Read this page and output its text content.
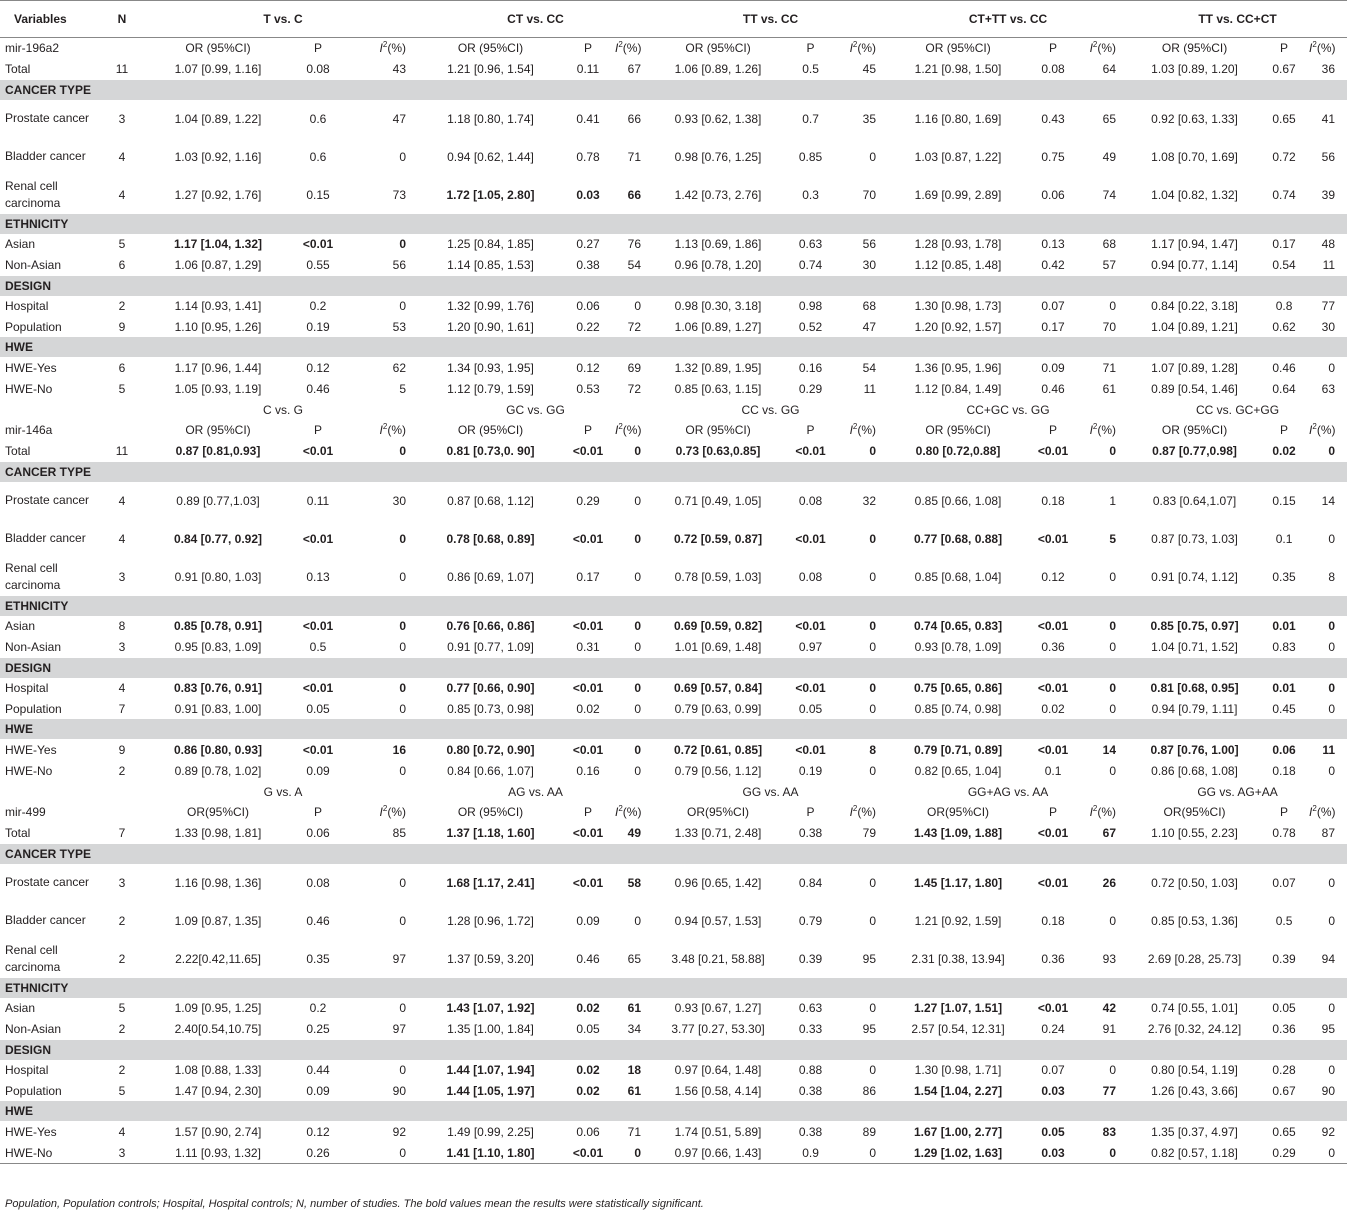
Variables	N	T vs. C			CT vs. CC			TT vs. CC			CT+TT vs. CC			TT vs. CC+CT		
mir-196a2		OR (95%CI)	P	$I^2(\%)$	OR (95%CI)	P	$I^2(\%)$	OR (95%CI)	P	$I^2(\%)$	OR (95%CI)	P	$I^2(\%)$	OR (95%CI)	P	$I^2(\%)$
Total	11	1.07 [0.99, 1.16]	0.08	43	1.21 [0.96, 1.54]	0.11	67	1.06 [0.89, 1.26]	0.5	45	1.21 [0.98, 1.50]	0.08	64	1.03 [0.89, 1.20]	0.67	36
CANCER TYPE																
Prostate cancer	3	1.04 [0.89, 1.22]	0.6	47	1.18 [0.80, 1.74]	0.41	66	0.93 [0.62, 1.38]	0.7	35	1.16 [0.80, 1.69]	0.43	65	0.92 [0.63, 1.33]	0.65	41
Bladder cancer	4	1.03 [0.92, 1.16]	0.6	0	0.94 [0.62, 1.44]	0.78	71	0.98 [0.76, 1.25]	0.85	0	1.03 [0.87, 1.22]	0.75	49	1.08 [0.70, 1.69]	0.72	56
Renal cell carcinoma	4	1.27 [0.92, 1.76]	0.15	73	1.72 [1.05, 2.80]	0.03	66	1.42 [0.73, 2.76]	0.3	70	1.69 [0.99, 2.89]	0.06	74	1.04 [0.82, 1.32]	0.74	39
ETHNICITY																
Asian	5	1.17 [1.04, 1.32]	<0.01	0	1.25 [0.84, 1.85]	0.27	76	1.13 [0.69, 1.86]	0.63	56	1.28 [0.93, 1.78]	0.13	68	1.17 [0.94, 1.47]	0.17	48
Non-Asian	6	1.06 [0.87, 1.29]	0.55	56	1.14 [0.85, 1.53]	0.38	54	0.96 [0.78, 1.20]	0.74	30	1.12 [0.85, 1.48]	0.42	57	0.94 [0.77, 1.14]	0.54	11
DESIGN																
Hospital	2	1.14 [0.93, 1.41]	0.2	0	1.32 [0.99, 1.76]	0.06	0	0.98 [0.30, 3.18]	0.98	68	1.30 [0.98, 1.73]	0.07	0	0.84 [0.22, 3.18]	0.8	77
Population	9	1.10 [0.95, 1.26]	0.19	53	1.20 [0.90, 1.61]	0.22	72	1.06 [0.89, 1.27]	0.52	47	1.20 [0.92, 1.57]	0.17	70	1.04 [0.89, 1.21]	0.62	30
HWE																
HWE-Yes	6	1.17 [0.96, 1.44]	0.12	62	1.34 [0.93, 1.95]	0.12	69	1.32 [0.89, 1.95]	0.16	54	1.36 [0.95, 1.96]	0.09	71	1.07 [0.89, 1.28]	0.46	0
HWE-No	5	1.05 [0.93, 1.19]	0.46	5	1.12 [0.79, 1.59]	0.53	72	0.85 [0.63, 1.15]	0.29	11	1.12 [0.84, 1.49]	0.46	61	0.89 [0.54, 1.46]	0.64	63
		C vs. G			GC vs. GG			CC vs. GG			CC+GC vs. GG			CC vs. GC+GG		
mir-146a		OR (95%CI)	P	$I^2(\%)$	OR (95%CI)	P	$I^2(\%)$	OR (95%CI)	P	$I^2(\%)$	OR (95%CI)	P	$I^2(\%)$	OR (95%CI)	P	$I^2(\%)$
Total	11	0.87 [0.81,0.93]	<0.01	0	0.81 [0.73,0. 90]	<0.01	0	0.73 [0.63,0.85]	<0.01	0	0.80 [0.72,0.88]	<0.01	0	0.87 [0.77,0.98]	0.02	0
CANCER TYPE																
Prostate cancer	4	0.89 [0.77,1.03]	0.11	30	0.87 [0.68, 1.12]	0.29	0	0.71 [0.49, 1.05]	0.08	32	0.85 [0.66, 1.08]	0.18	1	0.83 [0.64,1.07]	0.15	14
Bladder cancer	4	0.84 [0.77, 0.92]	<0.01	0	0.78 [0.68, 0.89]	<0.01	0	0.72 [0.59, 0.87]	<0.01	0	0.77 [0.68, 0.88]	<0.01	5	0.87 [0.73, 1.03]	0.1	0
Renal cell carcinoma	3	0.91 [0.80, 1.03]	0.13	0	0.86 [0.69, 1.07]	0.17	0	0.78 [0.59, 1.03]	0.08	0	0.85 [0.68, 1.04]	0.12	0	0.91 [0.74, 1.12]	0.35	8
ETHNICITY																
Asian	8	0.85 [0.78, 0.91]	<0.01	0	0.76 [0.66, 0.86]	<0.01	0	0.69 [0.59, 0.82]	<0.01	0	0.74 [0.65, 0.83]	<0.01	0	0.85 [0.75, 0.97]	0.01	0
Non-Asian	3	0.95 [0.83, 1.09]	0.5	0	0.91 [0.77, 1.09]	0.31	0	1.01 [0.69, 1.48]	0.97	0	0.93 [0.78, 1.09]	0.36	0	1.04 [0.71, 1.52]	0.83	0
DESIGN																
Hospital	4	0.83 [0.76, 0.91]	<0.01	0	0.77 [0.66, 0.90]	<0.01	0	0.69 [0.57, 0.84]	<0.01	0	0.75 [0.65, 0.86]	<0.01	0	0.81 [0.68, 0.95]	0.01	0
Population	7	0.91 [0.83, 1.00]	0.05	0	0.85 [0.73, 0.98]	0.02	0	0.79 [0.63, 0.99]	0.05	0	0.85 [0.74, 0.98]	0.02	0	0.94 [0.79, 1.11]	0.45	0
HWE																
HWE-Yes	9	0.86 [0.80, 0.93]	<0.01	16	0.80 [0.72, 0.90]	<0.01	0	0.72 [0.61, 0.85]	<0.01	8	0.79 [0.71, 0.89]	<0.01	14	0.87 [0.76, 1.00]	0.06	11
HWE-No	2	0.89 [0.78, 1.02]	0.09	0	0.84 [0.66, 1.07]	0.16	0	0.79 [0.56, 1.12]	0.19	0	0.82 [0.65, 1.04]	0.1	0	0.86 [0.68, 1.08]	0.18	0
		G vs. A			AG vs. AA			GG vs. AA			GG+AG vs. AA			GG vs. AG+AA		
mir-499		OR(95%CI)	P	$I^2(\%)$	OR (95%CI)	P	$I^2(\%)$	OR(95%CI)	P	$I^2(\%)$	OR(95%CI)	P	$I^2(\%)$	OR(95%CI)	P	$I^2(\%)$
Total	7	1.33 [0.98, 1.81]	0.06	85	1.37 [1.18, 1.60]	<0.01	49	1.33 [0.71, 2.48]	0.38	79	1.43 [1.09, 1.88]	<0.01	67	1.10 [0.55, 2.23]	0.78	87
CANCER TYPE																
Prostate cancer	3	1.16 [0.98, 1.36]	0.08	0	1.68 [1.17, 2.41]	<0.01	58	0.96 [0.65, 1.42]	0.84	0	1.45 [1.17, 1.80]	<0.01	26	0.72 [0.50, 1.03]	0.07	0
Bladder cancer	2	1.09 [0.87, 1.35]	0.46	0	1.28 [0.96, 1.72]	0.09	0	0.94 [0.57, 1.53]	0.79	0	1.21 [0.92, 1.59]	0.18	0	0.85 [0.53, 1.36]	0.5	0
Renal cell carcinoma	2	2.22[0.42,11.65]	0.35	97	1.37 [0.59, 3.20]	0.46	65	3.48 [0.21, 58.88]	0.39	95	2.31 [0.38, 13.94]	0.36	93	2.69 [0.28, 25.73]	0.39	94
ETHNICITY																
Asian	5	1.09 [0.95, 1.25]	0.2	0	1.43 [1.07, 1.92]	0.02	61	0.93 [0.67, 1.27]	0.63	0	1.27 [1.07, 1.51]	<0.01	42	0.74 [0.55, 1.01]	0.05	0
Non-Asian	2	2.40[0.54,10.75]	0.25	97	1.35 [1.00, 1.84]	0.05	34	3.77 [0.27, 53.30]	0.33	95	2.57 [0.54, 12.31]	0.24	91	2.76 [0.32, 24.12]	0.36	95
DESIGN																
Hospital	2	1.08 [0.88, 1.33]	0.44	0	1.44 [1.07, 1.94]	0.02	18	0.97 [0.64, 1.48]	0.88	0	1.30 [0.98, 1.71]	0.07	0	0.80 [0.54, 1.19]	0.28	0
Population	5	1.47 [0.94, 2.30]	0.09	90	1.44 [1.05, 1.97]	0.02	61	1.56 [0.58, 4.14]	0.38	86	1.54 [1.04, 2.27]	0.03	77	1.26 [0.43, 3.66]	0.67	90
HWE																
HWE-Yes	4	1.57 [0.90, 2.74]	0.12	92	1.49 [0.99, 2.25]	0.06	71	1.74 [0.51, 5.89]	0.38	89	1.67 [1.00, 2.77]	0.05	83	1.35 [0.37, 4.97]	0.65	92
HWE-No	3	1.11 [0.93, 1.32]	0.26	0	1.41 [1.10, 1.80]	<0.01	0	0.97 [0.66, 1.43]	0.9	0	1.29 [1.02, 1.63]	0.03	0	0.82 [0.57, 1.18]	0.29	0
Population, Population controls; Hospital, Hospital controls; N, number of studies. The bold values mean the results were statistically significant.
